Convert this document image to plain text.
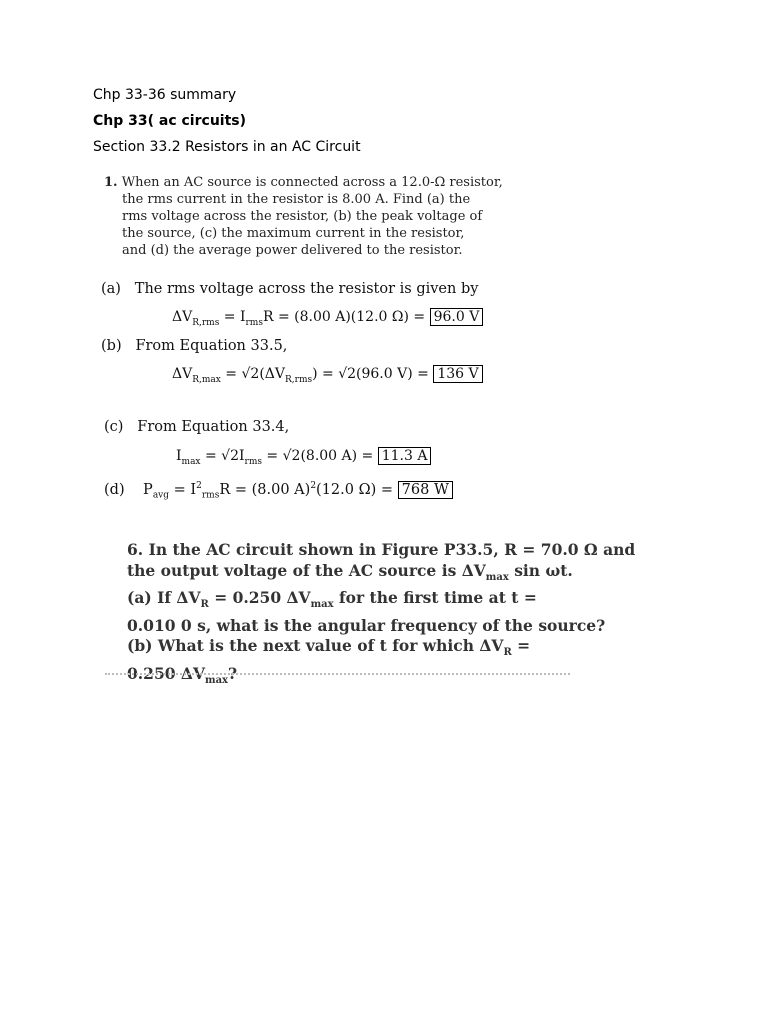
Chp 33-36 summary
Chp 33( ac circuits)
Section 33.2 Resistors in an AC Circuit
1. When an AC source is connected across a 12.0-Ω resistor,
the rms current in the resistor is 8.00 A. Find (a) the
rms voltage across the resistor, (b) the peak voltage of
the source, (c) the maximum current in the resistor,
and (d) the average power delivered to the resistor.
(a) The rms voltage across the resistor is given by
$\Delta V_{R,rms} = I_{rms}R = (8.00$ A)(12.0 Ω) = 96.0 V
(b) From Equation 33.5,
$\Delta V_{R,max} = √2(\Delta V_{R,rms}) = √2(96.0$ V) = 136 V
(c) From Equation 33.4,
$I_{max} = √2I_{rms} = √2(8.00$ A) = 11.3 A
(d) $P_{avg} = I^2_{rms}R = (8.00$ A)$^2$(12.0 Ω) = 768 W
6. In the AC circuit shown in Figure P33.5, R = 70.0 Ω and
the output voltage of the AC source is $\Delta V_{max}$ sin ωt.
(a) If $\Delta V_R = 0.250$ $\Delta V_{max}$ for the first time at t =
0.010 0 s, what is the angular frequency of the source?
(b) What is the next value of t for which $\Delta V_R$ =
0.250 $\Delta V_{max}$?
